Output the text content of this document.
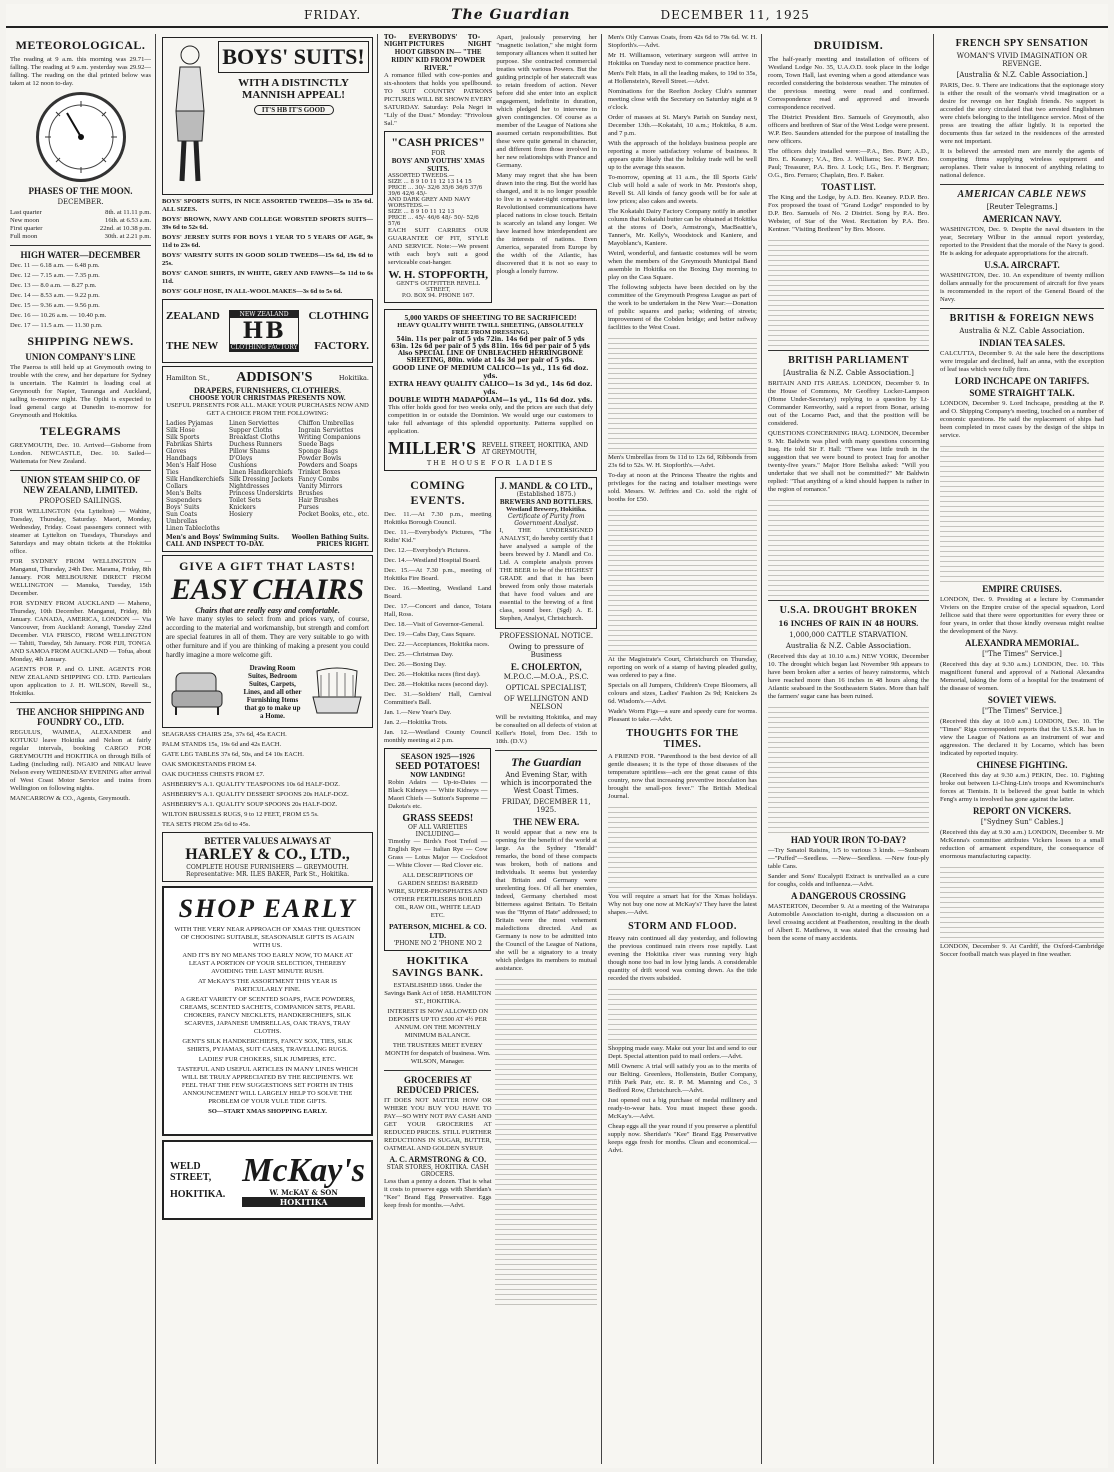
FRIDAY.	The Guardian	DECEMBER 11, 1925
METEOROLOGICAL.

The reading at 9 a.m. this morning was 29.71—falling. The reading at 9 a.m. yesterday was 29.92—falling. The reading on the dial printed below was taken at 12 noon to-day.

PHASES OF THE MOON.
DECEMBER.
Last quarter	8th. at 11.11 p.m.
New moon	16th. at 6.53 a.m.
First quarter	22nd. at 10.38 p.m.
Full moon	30th. at 2.21 p.m.
HIGH WATER—DECEMBER

Dec. 11 — 6.18 a.m. — 6.48 p.m.

Dec. 12 — 7.15 a.m. — 7.35 p.m.

Dec. 13 — 8.0 a.m. — 8.27 p.m.

Dec. 14 — 8.53 a.m. — 9.22 p.m.

Dec. 15 — 9.36 a.m. — 9.56 p.m.

Dec. 16 — 10.26 a.m. — 10.40 p.m.

Dec. 17 — 11.5 a.m. — 11.30 p.m.

SHIPPING NEWS.
UNION COMPANY'S LINE

The Paeroa is still held up at Greymouth owing to trouble with the crew, and her departure for Sydney is uncertain. The Kaimiri is loading coal at Greymouth for Napier, Tauranga and Auckland, sailing to-morrow night. The Opihi is expected to load general cargo at Dunedin to-morrow for Greymouth and Hokitika.

TELEGRAMS

GREYMOUTH, Dec. 10. Arrived—Gisborne from London. NEWCASTLE, Dec. 10. Sailed—Waitemata for New Zealand.

UNION STEAM SHIP CO. OF NEW ZEALAND, LIMITED.
PROPOSED SAILINGS.

FOR WELLINGTON (via Lyttelton) — Wahine, Tuesday, Thursday, Saturday. Maori, Monday, Wednesday, Friday. Coast passengers connect with steamer at Lyttelton on Tuesdays, Thursdays and Saturdays and may obtain tickets at the Hokitika office.

FOR SYDNEY FROM WELLINGTON — Manganui, Thursday, 24th Dec. Marama, Friday, 8th January. FOR MELBOURNE DIRECT FROM WELLINGTON — Manuka, Tuesday, 15th December.

FOR SYDNEY FROM AUCKLAND — Maheno, Thursday, 10th December. Manganui, Friday, 8th January. CANADA, AMERICA, LONDON — Via Vancouver, from Auckland: Aorangi, Tuesday 22nd December. VIA FRISCO, FROM WELLINGTON — Tahiti, Tuesday, 5th January. FOR FIJI, TONGA AND SAMOA FROM AUCKLAND — Tofua, about Monday, 4th January.

AGENTS FOR P. and O. LINE. AGENTS FOR NEW ZEALAND SHIPPING CO. LTD. Particulars upon application to J. H. WILSON, Revell St., Hokitika.

THE ANCHOR SHIPPING AND FOUNDRY CO., LTD.

REGULUS, WAIMEA, ALEXANDER and KOTUKU leave Hokitika and Nelson at fairly regular intervals, booking CARGO FOR GREYMOUTH and HOKITIKA on through Bills of Lading (including rail). NGAIO and NIKAU leave Nelson every WEDNESDAY EVENING after arrival of West Coast Motor Service and trains from Wellington on following nights.

MANCARROW & CO., Agents, Greymouth.

BOYS' SUITS!
WITH A DISTINCTLY MANNISH APPEAL!
IT'S HB IT'S GOOD

BOYS' SPORTS SUITS, IN NICE ASSORTED TWEEDS—35s to 35s 6d. ALL SIZES.

BOYS' BROWN, NAVY AND COLLEGE WORSTED SPORTS SUITS—39s 6d to 52s 6d.

BOYS' JERSEY SUITS FOR BOYS 1 YEAR TO 5 YEARS OF AGE, 9s 11d to 23s 6d.

BOYS' VARSITY SUITS IN GOOD SOLID TWEEDS—15s 6d, 19s 6d to 25s.

BOYS' CANOE SHIRTS, IN WHITE, GREY AND FAWNS—5s 11d to 6s 11d.

BOYS' GOLF HOSE, IN ALL-WOOL MAKES—3s 6d to 5s 6d.

ZEALAND
THE NEW
NEW ZEALAND
HB
CLOTHING FACTORY
CLOTHING
FACTORY.
Hamilton St., ADDISON'S	Hokitika.
DRAPERS, FURNISHERS, CLOTHIERS.
CHOOSE YOUR CHRISTMAS PRESENTS NOW.

USEFUL PRESENTS FOR ALL. MAKE YOUR PURCHASES NOW AND GET A CHOICE FROM THE FOLLOWING:

Ladies Pyjamas
Silk Hose
Silk Sports
Fabrikas Shirts
Gloves
Handbags
Men's Half Hose
Ties
Silk Handkerchiefs
Collars
Men's Belts
Suspenders
Boys' Suits
Sun Coats
Umbrellas
Linen Tablecloths
Linen Serviettes
Supper Cloths
Breakfast Cloths
Duchess Runners
Pillow Shams
D'Oleys
Cushions
Linen Handkerchiefs
Silk Dressing Jackets
Nightdresses
Princess Underskirts
Toilet Sets
Knickers
Hosiery
Chiffon Umbrellas
Ingrain Serviettes
Writing Companions
Suede Bags
Sponge Bags
Powder Bowls
Powders and Soaps
Trinket Boxes
Fancy Combs
Vanity Mirrors
Brushes
Hair Brushes
Purses
Pocket Books, etc., etc.
Men's and Boys' Swimming Suits. Woollen Bathing Suits.
CALL AND INSPECT TO-DAY.	PRICES RIGHT.
GIVE A GIFT THAT LASTS!
EASY CHAIRS
Chairs that are really easy and comfortable.

We have many styles to select from and prices vary, of course, according to the material and workmanship, but strength and comfort are special features in all of them. They are very suitable to go with other furniture and if you are thinking of making a present you could hardly imagine a more welcome gift.

Drawing Room Suites, Bedroom Suites, Carpets, Lines, and all other Furnishing Items that go to make up a Home.

SEAGRASS CHAIRS 25s, 37s 6d, 45s EACH.

PALM STANDS 15s, 19s 6d and 42s EACH.

GATE LEG TABLES 37s 6d, 50s, and £4 10s EACH.

OAK SMOKESTANDS FROM £4.

OAK DUCHESS CHESTS FROM £7.

ASHBERRY'S A.1. QUALITY TEASPOONS 10s 6d HALF-DOZ.

ASHBERRY'S A.1. QUALITY DESSERT SPOONS 20s HALF-DOZ.

ASHBERRY'S A.1. QUALITY SOUP SPOONS 20s HALF-DOZ.

WILTON BRUSSELS RUGS, 9 to 12 FEET, FROM £5 5s.

TEA SETS FROM 25s 6d to 45s.

BETTER VALUES ALWAYS AT
HARLEY & CO., LTD.,
COMPLETE HOUSE FURNISHERS — GREYMOUTH.
Representative: MR. ILES BAKER, Park St., Hokitika.
SHOP EARLY

WITH THE VERY NEAR APPROACH OF XMAS THE QUESTION OF CHOOSING SUITABLE, SEASONABLE GIFTS IS AGAIN WITH US.

AND IT'S BY NO MEANS TOO EARLY NOW, TO MAKE AT LEAST A PORTION OF YOUR SELECTION, THEREBY AVOIDING THE LAST MINUTE RUSH.

AT McKAY'S THE ASSORTMENT THIS YEAR IS PARTICULARLY FINE.

A GREAT VARIETY OF SCENTED SOAPS, FACE POWDERS, CREAMS, SCENTED SACHETS, COMPANION SETS, PEARL CHOKERS, FANCY NECKLETS, HANDKERCHIEFS, SILK SCARVES, JAPANESE UMBRELLAS, OAK TRAYS, TRAY CLOTHS.

GENT'S SILK HANDKERCHIEFS, FANCY SOX, TIES, SILK SHIRTS, PYJAMAS, SUIT CASES, TRAVELLING RUGS.

LADIES' FUR CHOKERS, SILK JUMPERS, ETC.

TASTEFUL AND USEFUL ARTICLES IN MANY LINES WHICH WILL BE TRULY APPRECIATED BY THE RECIPIENTS. WE FEEL THAT THE FEW SUGGESTIONS SET FORTH IN THIS ANNOUNCEMENT WILL LARGELY HELP TO SOLVE THE PROBLEM OF YOUR YULE TIDE GIFTS.

SO—START XMAS SHOPPING EARLY.

WELD STREET,
HOKITIKA.
McKay's
W. McKAY & SON
HOKITIKA
TO-NIGHT
EVERYBODYS' PICTURES
TO-NIGHT
HOOT GIBSON IN— "THE RIDIN' KID FROM POWDER RIVER."

A romance filled with cow-ponies and six-shooters that holds you spellbound. TO SUIT COUNTRY PATRONS PICTURES WILL BE SHOWN EVERY SATURDAY. Saturday: Pola Negri in "Lily of the Dust." Monday: "Frivolous Sal."

"CASH PRICES"
FOR
BOYS' AND YOUTHS' XMAS SUITS.
ASSORTED TWEEDS.—
SIZE ... 8 9 10 11 12 13 14 15
PRICE ... 30/- 32/6 35/6 36/6 37/6 39/6 42/6 45/-
AND DARK GREY AND NAVY WORSTEDS.—
SIZE ... 8 9 10 11 12 13
PRICE ... 45/- 46/6 48/- 50/- 52/6 57/6

EACH SUIT CARRIES OUR GUARANTEE OF FIT, STYLE AND SERVICE. Note:—We present with each boy's suit a good serviceable coat-hanger.

W. H. STOPFORTH,
GENT'S OUTFITTER REVELL STREET,
P.O. BOX 94. PHONE 167.

Apart, jealously preserving her "magnetic isolation," she might form temporary alliances when it suited her purpose. She contracted commercial treaties with various Powers. But the guiding principle of her statecraft was to retain freedom of action. Never before did she enter into an explicit engagement, indefinite in duration, which pledged her to intervene in given contingencies. Of course as a member of the League of Nations she assumed certain responsibilities. But these were quite general in character, and different from those involved in her new relationships with France and Germany.

Many may regret that she has been drawn into the ring. But the world has changed, and it is no longer possible to live in a water-tight compartment. Revolutionised communications have placed nations in close touch. Britain is scarcely an island any longer. We have learned how interdependent are the interests of nations. Even America, separated from Europe by the width of the Atlantic, has discovered that it is not so easy to plough a lonely furrow.

5,000 YARDS OF SHEETING TO BE SACRIFICED!
HEAVY QUALITY WHITE TWILL SHEETING, (ABSOLUTELY FREE FROM DRESSING).
54in. 11s per pair of 5 yds 72in. 14s 6d per pair of 5 yds
63in. 12s 6d per pair of 5 yds 81in. 16s 6d per pair of 5 yds
Also SPECIAL LINE OF UNBLEACHED HERRINGBONE SHEETING, 80in. wide at 14s 3d per pair of 5 yds.
GOOD LINE OF MEDIUM CALICO—1s yd., 11s 6d doz. yds.
EXTRA HEAVY QUALITY CALICO—1s 3d yd., 14s 6d doz. yds.
DOUBLE WIDTH MADAPOLAM—1s yd., 11s 6d doz. yds.

This offer holds good for two weeks only, and the prices are such that defy competition in or outside the Dominion. We would urge our customers to take full advantage of this splendid opportunity. Patterns supplied on application.

MILLER'S REVELL STREET, HOKITIKA, AND AT GREYMOUTH,
THE HOUSE FOR LADIES
COMING EVENTS.

Dec. 11.—At 7.30 p.m., meeting Hokitika Borough Council.

Dec. 11.—Everybody's Pictures, "The Ridin' Kid."

Dec. 12.—Everybody's Pictures.

Dec. 14.—Westland Hospital Board.

Dec. 15.—At 7.30 p.m., meeting of Hokitika Fire Board.

Dec. 16.—Meeting, Westland Land Board.

Dec. 17.—Concert and dance, Totara Hall, Ross.

Dec. 18.—Visit of Governor-General.

Dec. 19.—Cabs Day, Cass Square.

Dec. 22.—Acceptances, Hokitika races.

Dec. 25.—Christmas Day.

Dec. 26.—Boxing Day.

Dec. 26.—Hokitika races (first day).

Dec. 28.—Hokitika races (second day).

Dec. 31.—Soldiers' Hall, Carnival Committee's Ball.

Jan. 1.—New Year's Day.

Jan. 2.—Hokitika Trots.

Jan. 12.—Westland County Council monthly meeting at 2 p.m.

SEASON 1925—1926
SEED POTATOES!
NOW LANDING!

Robin Adairs — Up-to-Dates — Black Kidneys — White Kidneys — Maori Chiefs — Sutton's Supreme — Dakota's etc.

GRASS SEEDS!
OF ALL VARIETIES INCLUDING—

Timothy — Birds's Foot Trefoil — English Rye — Italian Rye — Cow Grass — Lotus Major — Cocksfoot — White Clover — Red Clover etc.

ALL DESCRIPTIONS OF GARDEN SEEDS! BARBED WIRE, SUPER-PHOSPHATES AND OTHER FERTILISERS BOILED OIL, RAW OIL, WHITE LEAD ETC.

PATERSON, MICHEL & CO. LTD.
'PHONE NO 2 'PHONE NO 2
HOKITIKA SAVINGS BANK.

ESTABLISHED 1866. Under the Savings Bank Act of 1858. HAMILTON ST., HOKITIKA.

INTEREST IS NOW ALLOWED ON DEPOSITS UP TO £500 AT 4½ PER ANNUM. ON THE MONTHLY MINIMUM BALANCE.

THE TRUSTEES MEET EVERY MONTH for despatch of business. Wm. WILSON, Manager.

GROCERIES AT REDUCED PRICES.

IT DOES NOT MATTER HOW OR WHERE YOU BUY YOU HAVE TO PAY—SO WHY NOT PAY CASH AND GET YOUR GROCERIES AT REDUCED PRICES. STILL FURTHER REDUCTIONS IN SUGAR, BUTTER, OATMEAL AND GOLDEN SYRUP.

A. C. ARMSTRONG & CO.
STAR STORES, HOKITIKA. CASH GROCERS.

Less than a penny a dozen. That is what it costs to preserve eggs with Sheridan's "Kee" Brand Egg Preservative. Eggs keep fresh for months.—Advt.

J. MANDL & CO LTD.,
(Established 1875.)
BREWERS AND BOTTLERS.
Westland Brewery, Hokitika.
Certificate of Purity from Government Analyst.

I, THE UNDERSIGNED ANALYST, do hereby certify that I have analysed a sample of the beers brewed by J. Mandl and Co. Ltd. A complete analysis proves THE BEER to be of the HIGHEST GRADE and that it has been brewed from only those materials that have food values and are essential to the brewing of a first class, sound beer. (Sgd) A. E. Stephen, Analyst, Christchurch.

PROFESSIONAL NOTICE.
Owing to pressure of Business
E. CHOLERTON,
M.P.O.C.—M.O.A., P.S.C.
OPTICAL SPECIALIST,
OF WELLINGTON AND NELSON

Will be revisiting Hokitika, and may be consulted on all defects of vision at Keller's Hotel, from Dec. 15th to 18th. (D.V.)

The Guardian
And Evening Star, with which is incorporated the West Coast Times.
FRIDAY, DECEMBER 11, 1925.
THE NEW ERA.

It would appear that a new era is opening for the benefit of the world at large. As the Sydney "Herald" remarks, the bond of these compacts was broken, both of nations and individuals. It seems but yesterday that Britain and Germany were unrelenting foes. Of all her enemies, indeed, Germany cherished most bitterness against Britain. To Britain was the "Hymn of Hate" addressed; to Britain were the most vehement maledictions directed. And as Germany is now to be admitted into the Council of the League of Nations, she will be a signatory to a treaty which pledges its members to mutual assistance.

Men's Oily Canvas Coats, from 42s 6d to 79s 6d. W. H. Stopforth's.—Advt.

Mr H. Williamson, veterinary surgeon will arrive in Hokitika on Tuesday next to commence practice here.

Men's Felt Hats, in all the leading makes, to 19d to 35s, at Hollenstein's, Revell Street.—Advt.

Nominations for the Reefton Jockey Club's summer meeting close with the Secretary on Saturday night at 9 o'clock.

Order of masses at St. Mary's Parish on Sunday next, December 13th.—Kokatahi, 10 a.m.; Hokitika, 8 a.m. and 7 p.m.

With the approach of the holidays business people are reporting a more satisfactory volume of business. It appears quite likely that the holiday trade will be well up to the average this season.

To-morrow, opening at 11 a.m., the Ill Sports Girls' Club will hold a sale of work in Mr. Preston's shop, Revell St. All kinds of fancy goods will be for sale at low prices; also cakes and sweets.

The Kokatahi Dairy Factory Company notify in another column that Kokatahi butter can be obtained at Hokitika at the stores of Doe's, Armstrong's, MacBeattie's, Tanner's, Mr. Kelly's, Woodstock and Kaniere, and Mayoblanc's, Kaniere.

Weird, wonderful, and fantastic costumes will be worn when the members of the Greymouth Municipal Band assemble in Hokitika on the Boxing Day morning to play on the Cass Square.

The following subjects have been decided on by the committee of the Greymouth Progress League as part of the work to be undertaken in the New Year:—Donation of public squares and parks; widening of streets; improvement of the Cobden bridge; and better railway facilities to the West Coast.

Men's Umbrellas from 9s 11d to 12s 6d, Ribbonds from 23s 6d to 52s. W. H. Stopforth's.—Advt.

To-day at noon at the Princess Theatre the rights and privileges for the racing and totaliser meetings were sold. Messrs. W. Jeffries and Co. sold the right of booths for £50.

At the Magistrate's Court, Christchurch on Thursday, reporting on work of a stamp of having pleaded guilty, was ordered to pay a fine.

Specials on all Jumpers, Children's Crepe Bloomers, all colours and sizes, Ladies' Fashion 2s 9d; Knickers 2s 6d. Wisdom's.—Advt.

Wade's Worm Figs—a sure and speedy cure for worms. Pleasant to take.—Advt.

THOUGHTS FOR THE TIMES.

A FRIEND FOR. "Parenthood is the best device of all gentle diseases; it is the type of those diseases of the temperature spiritless—ach ere the great cause of this country, now that increasing preventive inoculation has brought the small-pox fever." The British Medical Journal.

You will require a smart hat for the Xmas holidays. Why not buy one now at McKay's? They have the latest shapes.—Advt.

STORM AND FLOOD.

Heavy rain continued all day yesterday, and following the previous continued rain rivers rose rapidly. Last evening the Hokitika river was running very high though none too bad in low lying lands. A considerable quantity of drift wood was coming down. As the tide receded the rivers subsided.

Shopping made easy. Make out your list and send to our Dept. Special attention paid to mail orders.—Advt.

Mill Owners: A trial will satisfy you as to the merits of our Belting. Greenlees, Hollenstein, Butler Company, Fifth Park Pair, etc. R. P. M. Manning and Co., 3 Bedford Row, Christchurch.—Advt.

Just opened out a big purchase of medal millinery and ready-to-wear hats. You must inspect these goods. McKay's.—Advt.

Cheap eggs all the year round if you preserve a plentiful supply now. Sheridan's "Kee" Brand Egg Preservative keeps eggs fresh for months. Clean and economical.—Advt.

DRUIDISM.

The half-yearly meeting and installation of officers of Westland Lodge No. 35, U.A.O.D. took place in the lodge room, Town Hall, last evening when a good attendance was recorded considering the boisterous weather. The minutes of the previous meeting were read and confirmed. Correspondence read and approved and inwards correspondence received.

The District President Bro. Samuels of Greymouth, also officers and brethren of Star of the West Lodge were present. W.P. Bro. Saunders attended for the purpose of installing the new officers.

The officers duly installed were:—P.A., Bro. Burr; A.D., Bro. E. Keaney; V.A., Bro. J. Williams; Sec. P.W.P. Bro. Paul; Treasurer, P.A. Bro. J. Lock; I.G., Bro. F. Bergman; O.G., Bro. Ferraro; Chaplain, Bro. F. Baker.

TOAST LIST.

The King and the Lodge, by A.D. Bro. Keaney. P.D.P. Bro. Fox proposed the toast of "Grand Lodge" responded to by D.P. Bro. Samuels of No. 2 District. Song by P.A. Bro. Webster, of Star of the West. Recitation by P.A. Bro. Kentner. "Visiting Brethren" by Bro. Moore.

BRITISH PARLIAMENT
[Australia & N.Z. Cable Association.]

BRITAIN AND ITS AREAS. LONDON, December 9. In the House of Commons, Mr Geoffrey Locker-Lampson (Home Under-Secretary) replying to a question by Lt-Commander Kenworthy, said a report from Bonar, arising out of the Locarno Pact, and that the position will be considered.

QUESTIONS CONCERNING IRAQ. LONDON, December 9. Mr. Baldwin was plied with many questions concerning Iraq. He told Sir F. Hall: "There was little truth in the suggestion that we were bound to protect Iraq for another twenty-five years." Major Hore Belisha asked: "Will you undertake that we shall not be committed?" Mr Baldwin replied: "That anything of a kind should happen is rather in the region of romance."

U.S.A. DROUGHT BROKEN
16 INCHES OF RAIN IN 48 HOURS.
1,000,000 CATTLE STARVATION.
Australia & N.Z. Cable Association.

(Received this day at 10.10 a.m.) NEW YORK, December 10. The drought which began last November 9th appears to have been broken after a series of heavy rainstorms, which have reached more than 16 inches in 48 hours along the Atlantic seaboard in the Southeastern States. More than half the farmers' sugar cane has been ruined.

HAD YOUR IRON TO-DAY?

—Try Sanatol Raisins, 1/5 to various 3 kinds. —Sunbeam—"Puffed"—Seedless. —New—Seedless. —New four-ply table Cans.

Sander and Sons' Eucalypti Extract is unrivalled as a cure for coughs, colds and influenza.—Advt.

A DANGEROUS CROSSING

MASTERTON, December 9. At a meeting of the Wairarapa Automobile Association to-night, during a discussion on a level crossing accident at Featherston, resulting in the death of Albert E. Matthews, it was stated that the crossing had been the scene of many accidents.

FRENCH SPY SENSATION
WOMAN'S VIVID IMAGINATION OR REVENGE.
[Australia & N.Z. Cable Association.]

PARIS, Dec. 9. There are indications that the espionage story is either the result of the woman's vivid imagination or a desire for revenge on her English friends. No support is accorded the story circulated that two arrested Englishmen were chiefs belonging to the intelligence service. Most of the press are treating the affair lightly. It is reported the documents thus far seized in the residences of the arrested were not important.

It is believed the arrested men are merely the agents of competing firms supplying wireless equipment and aeroplanes. Their value is innocent of anything relating to national defence.

AMERICAN CABLE NEWS
[Reuter Telegrams.]
AMERICAN NAVY.

WASHINGTON, Dec. 9. Despite the naval disasters in the year, Secretary Wilbur in the annual report yesterday, reported to the President that the morale of the Navy is good. He is asking for adequate appropriations for the aircraft.

U.S.A. AIRCRAFT.

WASHINGTON, Dec. 10. An expenditure of twenty million dollars annually for the procurement of aircraft for five years is recommended in the report of the General Board of the Navy.

BRITISH & FOREIGN NEWS
Australia & N.Z. Cable Association.
INDIAN TEA SALES.

CALCUTTA, December 9. At the sale here the descriptions were irregular and declined, half an anna, with the exception of leaf teas which were fully firm.

LORD INCHCAPE ON TARIFFS.
SOME STRAIGHT TALK.

LONDON, December 9. Lord Inchcape, presiding at the P. and O. Shipping Company's meeting, touched on a number of economic questions. He said the replacement of ships had been completed in most cases by the design of the ships in service.

EMPIRE CRUISES.

LONDON, Dec. 9. Presiding at a lecture by Commander Viviers on the Empire cruise of the special squadron, Lord Jellicoe said that there were opportunities for every three or four years, in order that those kindly overseas might realise the development of the Navy.

ALEXANDRA MEMORIAL.
["The Times" Service.]

(Received this day at 9.30 a.m.) LONDON, Dec. 10. This magnificent funeral and approval of a National Alexandra Memorial, taking the form of a hospital for the treatment of the disease of women.

SOVIET VIEWS.
["The Times" Service.]

(Received this day at 10.0 a.m.) LONDON, Dec. 10. The "Times" Riga correspondent reports that the U.S.S.R. has in view the League of Nations as an instrument of war and aggression. The declared it by Locarno, which has been indicated by reported inquiry.

CHINESE FIGHTING.

(Received this day at 9.30 a.m.) PEKIN, Dec. 10. Fighting broke out between Li-Ching-Lin's troops and Kwominchun's forces at Tientsin. It is believed the great battle in which Feng's army is involved has gone against the latter.

REPORT ON VICKERS.
["Sydney Sun" Cables.]

(Received this day at 9.30 a.m.) LONDON, December 9. Mr McKenna's committee attributes Vickers losses to a small reduction of armament expenditure, the consequence of enormous manufacturing capacity.

LONDON, December 9. At Cardiff, the Oxford-Cambridge Soccer football match was played in fine weather.
